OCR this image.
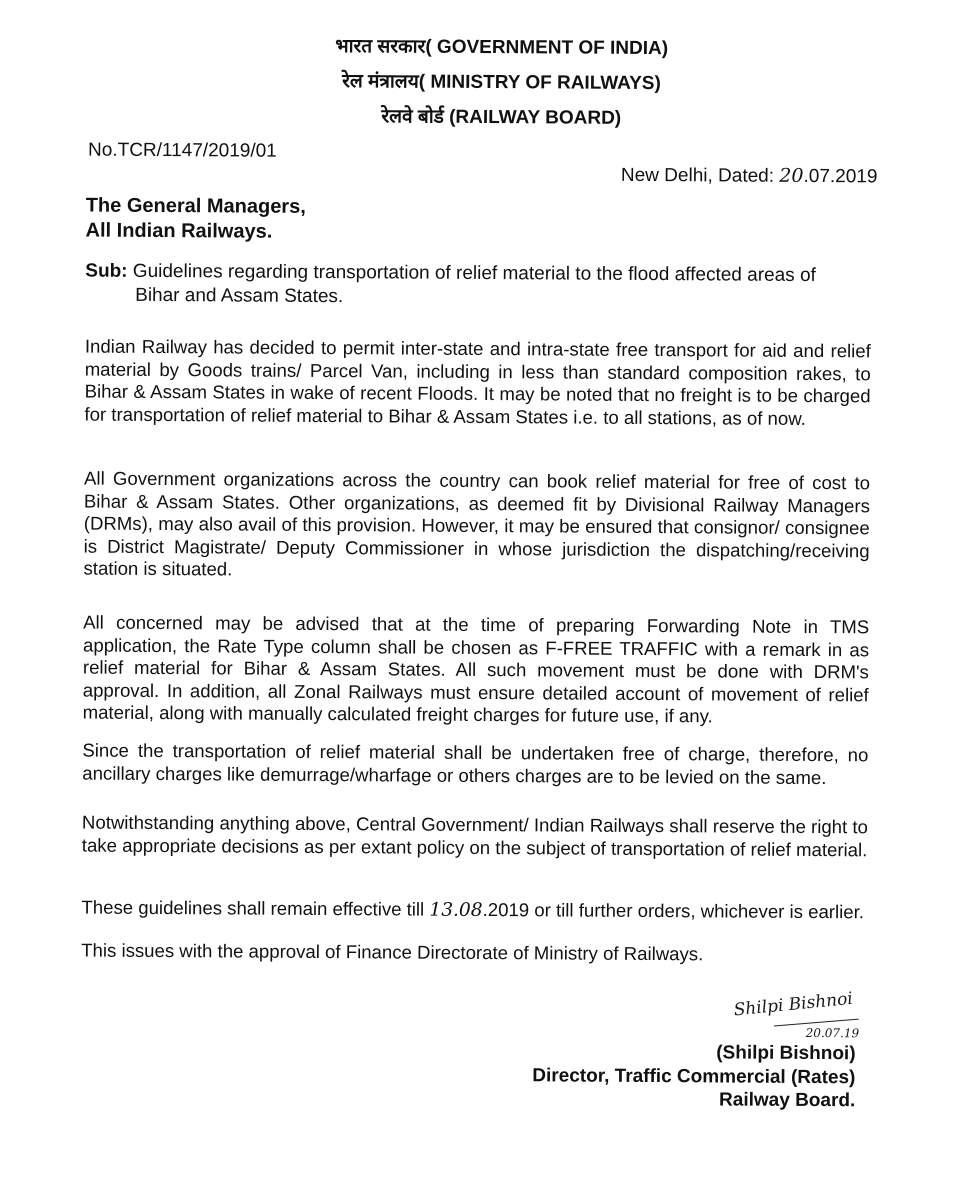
भारत सरकार( GOVERNMENT OF INDIA)
रेल मंत्रालय( MINISTRY OF RAILWAYS)
रेलवे बोर्ड (RAILWAY BOARD)
No.TCR/1147/2019/01
New Delhi, Dated: 20.07.2019
The General Managers,
All Indian Railways.
Sub: Guidelines regarding transportation of relief material to the flood affected areas of
Bihar and Assam States.
Indian Railway has decided to permit inter-state and intra-state free transport for aid and relief material by Goods trains/ Parcel Van, including in less than standard composition rakes, to Bihar & Assam States in wake of recent Floods. It may be noted that no freight is to be charged for transportation of relief material to Bihar & Assam States i.e. to all stations, as of now.
All Government organizations across the country can book relief material for free of cost to Bihar & Assam States. Other organizations, as deemed fit by Divisional Railway Managers (DRMs), may also avail of this provision. However, it may be ensured that consignor/ consignee is District Magistrate/ Deputy Commissioner in whose jurisdiction the dispatching/receiving station is situated.
All concerned may be advised that at the time of preparing Forwarding Note in TMS application, the Rate Type column shall be chosen as F-FREE TRAFFIC with a remark in as relief material for Bihar & Assam States. All such movement must be done with DRM's approval. In addition, all Zonal Railways must ensure detailed account of movement of relief material, along with manually calculated freight charges for future use, if any.
Since the transportation of relief material shall be undertaken free of charge, therefore, no ancillary charges like demurrage/wharfage or others charges are to be levied on the same.
Notwithstanding anything above, Central Government/ Indian Railways shall reserve the right to take appropriate decisions as per extant policy on the subject of transportation of relief material.
These guidelines shall remain effective till 13.08.2019 or till further orders, whichever is earlier.
This issues with the approval of Finance Directorate of Ministry of Railways.
Shilpi Bishnoi
20.07.19
(Shilpi Bishnoi)
Director, Traffic Commercial (Rates)
Railway Board.
